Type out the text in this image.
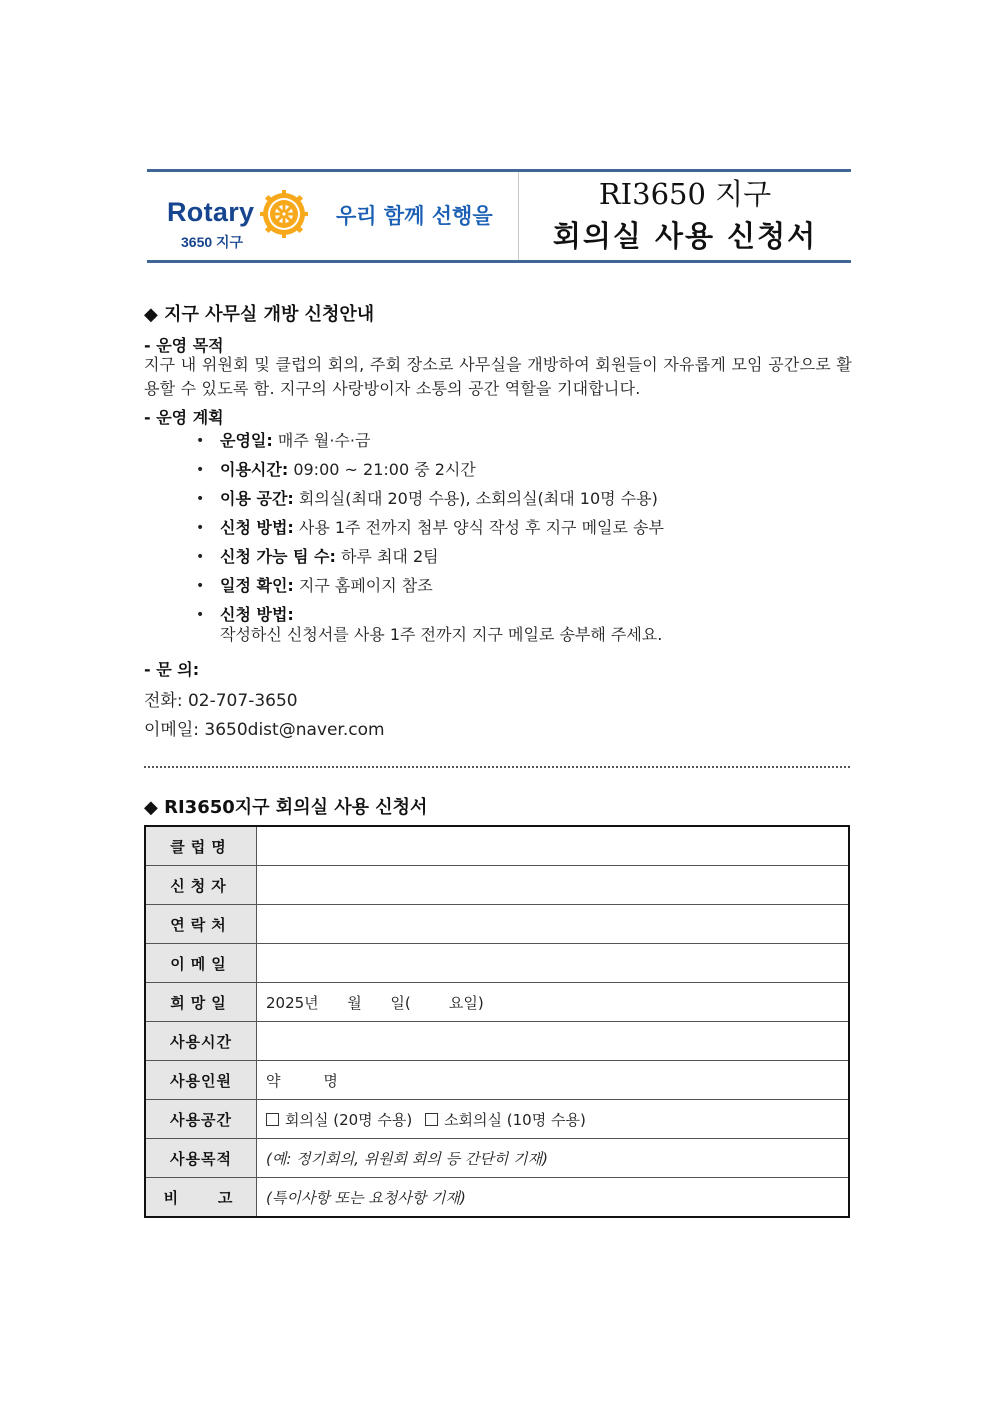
Rotary
3650 지구
우리 함께 선행을
RI3650 지구
회의실 사용 신청서
◆ 지구 사무실 개방 신청안내
- 운영 목적
지구 내 위원회 및 클럽의 회의, 주회 장소로 사무실을 개방하여 회원들이 자유롭게 모임 공간으로 활용할 수 있도록 함. 지구의 사랑방이자 소통의 공간 역할을 기대합니다.
- 운영 계획
• 운영일: 매주 월·수·금
• 이용시간: 09:00 ~ 21:00 중 2시간
• 이용 공간: 회의실(최대 20명 수용), 소회의실(최대 10명 수용)
• 신청 방법: 사용 1주 전까지 첨부 양식 작성 후 지구 메일로 송부
• 신청 가능 팀 수: 하루 최대 2팀
• 일정 확인: 지구 홈페이지 참조
• 신청 방법:
작성하신 신청서를 사용 1주 전까지 지구 메일로 송부해 주세요.
- 문 의:
전화: 02-707-3650
이메일: 3650dist@naver.com
◆ RI3650지구 회의실 사용 신청서
클럽명	
신청자	
연락처	
이메일	
희망일	2025년      월      일(        요일)
사용시간	
사용인원	약         명
사용공간	회의실 (20명 수용) 소회의실 (10명 수용)
사용목적	(예: 정기회의, 위원회 회의 등 간단히 기재)
비   고	(특이사항 또는 요청사항 기재)
